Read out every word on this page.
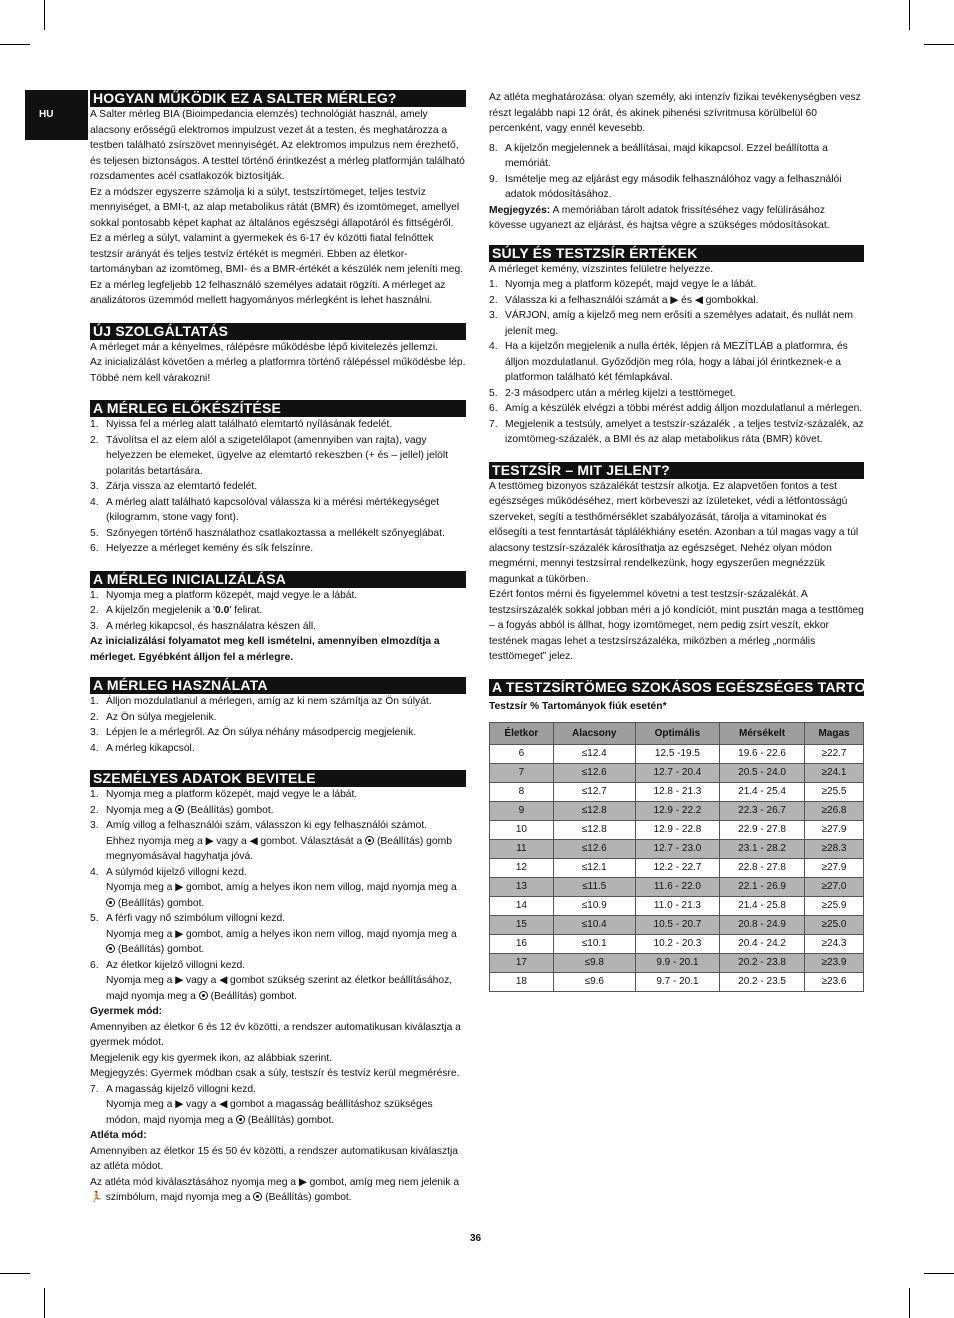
HU
HOGYAN MŰKÖDIK EZ A SALTER MÉRLEG?

A Salter mérleg BIA (Bioimpedancia elemzés) technológiát használ, amely alacsony erősségű elektromos impulzust vezet át a testen, és meghatározza a testben található zsírszövet mennyiségét. Az elektromos impulzus nem érezhető, és teljesen biztonságos. A testtel történő érintkezést a mérleg platformján található rozsdamentes acél csatlakozók biztosítják.

Ez a módszer egyszerre számolja ki a súlyt, testszírtömeget, teljes testvíz mennyiséget, a BMI-t, az alap metabolikus rátát (BMR) és izomtömeget, amellyel sokkal pontosabb képet kaphat az általános egészségi állapotáról és fittségéről. Ez a mérleg a súlyt, valamint a gyermekek és 6-17 év közötti fiatal felnőttek testzsír arányát és teljes testvíz értékét is megméri. Ebben az életkor-tartományban az izomtömeg, BMI- és a BMR-értékét a készülék nem jeleníti meg. Ez a mérleg legfeljebb 12 felhasználó személyes adatait rögzíti. A mérleget az analizátoros üzemmód mellett hagyományos mérlegként is lehet használni.

ÚJ SZOLGÁLTATÁS

A mérleget már a kényelmes, rálépésre működésbe lépő kivitelezés jellemzi.

Az inicializálást követően a mérleg a platformra történő rálépéssel működésbe lép.

Többé nem kell várakozni!

A MÉRLEG ELŐKÉSZÍTÉSE
1. Nyissa fel a mérleg alatt található elemtartó nyílásának fedelét.
2. Távolítsa el az elem alól a szigetelőlapot (amennyiben van rajta), vagy helyezzen be elemeket, ügyelve az elemtartó rekeszben (+ és – jellel) jelölt polaritás betartására.
3. Zárja vissza az elemtartó fedelét.
4. A mérleg alatt található kapcsolóval válassza ki a mérési mértékegységet (kilogramm, stone vagy font).
5. Szőnyegen történő használathoz csatlakoztassa a mellékelt szőnyeglábat.
6. Helyezze a mérleget kemény és sík felszínre.
A MÉRLEG INICIALIZÁLÁSA
1. Nyomja meg a platform közepét, majd vegye le a lábát.
2. A kijelzőn megjelenik a '0.0' felirat.
3. A mérleg kikapcsol, és használatra készen áll.

Az inicializálási folyamatot meg kell ismételni, amennyiben elmozdítja a mérleget. Egyébként álljon fel a mérlegre.

A MÉRLEG HASZNÁLATA
1. Álljon mozdulatlanul a mérlegen, amíg az ki nem számítja az Ön súlyát.
2. Az Ön súlya megjelenik.
3. Lépjen le a mérlegről. Az Ön súlya néhány másodpercig megjelenik.
4. A mérleg kikapcsol.
SZEMÉLYES ADATOK BEVITELE
1. Nyomja meg a platform közepét, majd vegye le a lábát.
2. Nyomja meg a  (Beállítás) gombot.
3. Amíg villog a felhasználói szám, válasszon ki egy felhasználói számot.
Ehhez nyomja meg a ▶ vagy a ◀ gombot. Választását a  (Beállítás) gomb megnyomásával hagyhatja jóvá.
4. A súlymód kijelző villogni kezd.
Nyomja meg a ▶ gombot, amíg a helyes ikon nem villog, majd nyomja meg a  (Beállítás) gombot.
5. A férfi vagy nő szimbólum villogni kezd.
Nyomja meg a ▶ gombot, amíg a helyes ikon nem villog, majd nyomja meg a  (Beállítás) gombot.
6. Az életkor kijelző villogni kezd.
Nyomja meg a ▶ vagy a ◀ gombot szükség szerint az életkor beállításához, majd nyomja meg a  (Beállítás) gombot.

Gyermek mód:

Amennyiben az életkor 6 és 12 év közötti, a rendszer automatikusan kiválasztja a gyermek módot.

Megjelenik egy kis gyermek ikon, az alábbiak szerint.

Megjegyzés: Gyermek módban csak a súly, testszír és testvíz kerül megmérésre.

7. A magasság kijelző villogni kezd.
Nyomja meg a ▶ vagy a ◀ gombot a magasság beállításhoz szükséges módon, majd nyomja meg a  (Beállítás) gombot.

Atléta mód:

Amennyiben az életkor 15 és 50 év közötti, a rendszer automatikusan kiválasztja az atléta módot.

Az atléta mód kiválasztásához nyomja meg a ▶ gombot, amíg meg nem jelenik a 🏃 szimbólum, majd nyomja meg a  (Beállítás) gombot.

Az atléta meghatározása: olyan személy, aki intenzív fizikai tevékenységben vesz részt legalább napi 12 órát, és akinek pihenési szívritmusa körülbelül 60 percenként, vagy ennél kevesebb.

8. A kijelzőn megjelennek a beállításai, majd kikapcsol. Ezzel beállította a memóriát.
9. Ismételje meg az eljárást egy második felhasználóhoz vagy a felhasználói adatok módosításához.

Megjegyzés: A memóriában tárolt adatok frissítéséhez vagy felülírásához kövesse ugyanezt az eljárást, és hajtsa végre a szükséges módosításokat.

SÚLY ÉS TESTZSÍR ÉRTÉKEK

A mérleget kemény, vízszintes felületre helyezze.

1. Nyomja meg a platform közepét, majd vegye le a lábát.
2. Válassza ki a felhasználói számát a ▶ és ◀ gombokkal.
3. VÁRJON, amíg a kijelző meg nem erősíti a személyes adatait, és nullát nem jelenít meg.
4. Ha a kijelzőn megjelenik a nulla érték, lépjen rá MEZÍTLÁB a platformra, és álljon mozdulatlanul. Győződjön meg róla, hogy a lábai jól érintkeznek-e a platformon található két fémlapkával.
5. 2-3 másodperc után a mérleg kijelzi a testtömeget.
6. Amíg a készülék elvégzi a többi mérést addig álljon mozdulatlanul a mérlegen.
7. Megjelenik a testsúly, amelyet a testszír-százalék , a teljes testvíz-százalék, az izomtömeg-százalék, a BMI és az alap metabolikus ráta (BMR) követ.
TESTZSÍR – MIT JELENT?

A testtömeg bizonyos százalékát testzsír alkotja. Ez alapvetően fontos a test egészséges működéséhez, mert körbeveszi az ízületeket, védi a létfontosságú szerveket, segíti a testhőmérséklet szabályozását, tárolja a vitaminokat és elősegíti a test fenntartását táplálékhiány esetén. Azonban a túl magas vagy a túl alacsony testzsír-százalék károsíthatja az egészséget. Nehéz olyan módon megmérni, mennyi testzsírral rendelkezünk, hogy egyszerűen megnézzük magunkat a tükörben.

Ezért fontos mérni és figyelemmel követni a test testzsír-százalékát. A testzsírszázalék sokkal jobban méri a jó kondíciót, mint pusztán maga a testtömeg – a fogyás abból is állhat, hogy izomtömeget, nem pedig zsírt veszít, ekkor testének magas lehet a testzsírszázaléka, miközben a mérleg „normális testtömeget” jelez.

A TESTZSÍRTÖMEG SZOKÁSOS EGÉSZSÉGES TARTOMÁNYA

Testzsír % Tartományok fiúk esetén*

Életkor	Alacsony	Optimális	Mérsékelt	Magas
6	≤12.4	12.5 -19.5	19.6 - 22.6	≥22.7
7	≤12.6	12.7 - 20.4	20.5 - 24.0	≥24.1
8	≤12.7	12.8 - 21.3	21.4 - 25.4	≥25.5
9	≤12.8	12.9 - 22.2	22.3 - 26.7	≥26.8
10	≤12.8	12.9 - 22.8	22.9 - 27.8	≥27.9
11	≤12.6	12.7 - 23.0	23.1 - 28.2	≥28.3
12	≤12.1	12.2 - 22.7	22.8 - 27.8	≥27.9
13	≤11.5	11.6 - 22.0	22.1 - 26.9	≥27.0
14	≤10.9	11.0 - 21.3	21.4 - 25.8	≥25.9
15	≤10.4	10.5 - 20.7	20.8 - 24.9	≥25.0
16	≤10.1	10.2 - 20.3	20.4 - 24.2	≥24.3
17	≤9.8	9.9 - 20.1	20.2 - 23.8	≥23.9
18	≤9.6	9.7 - 20.1	20.2 - 23.5	≥23.6
36
